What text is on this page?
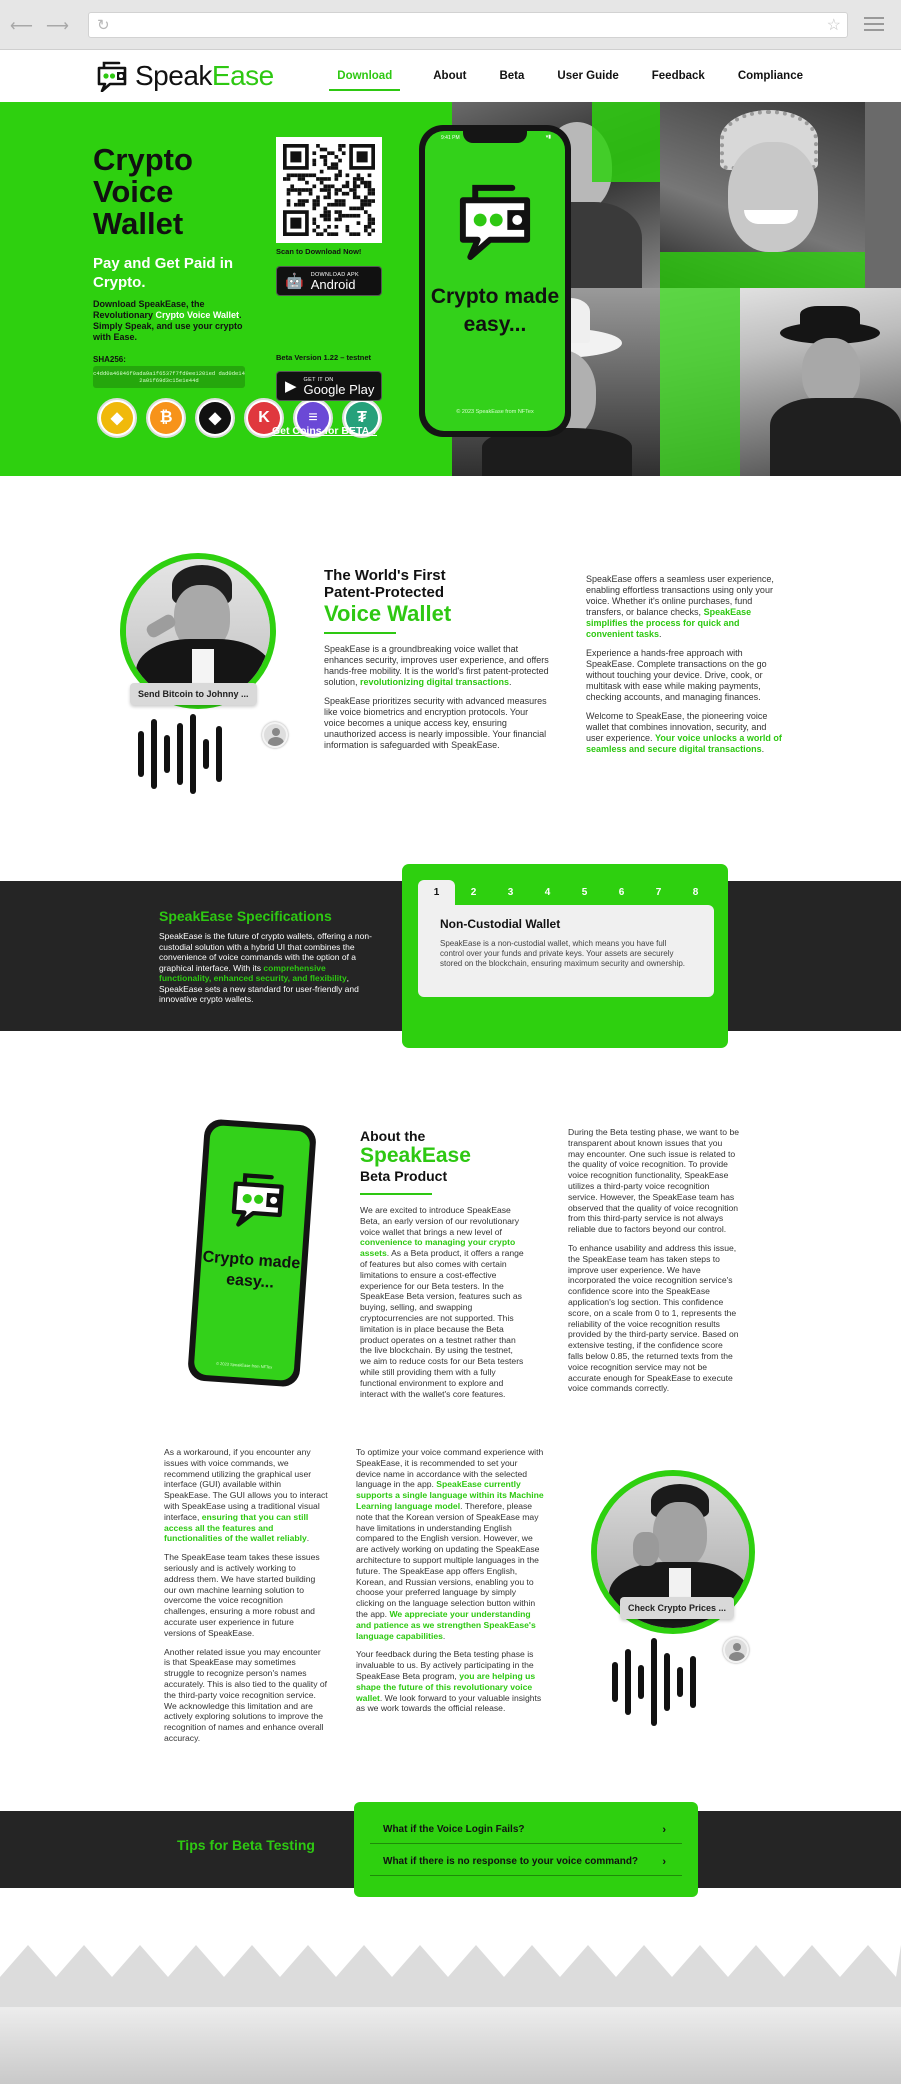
⟵ ⟶ ↻	☆
SpeakEase	Download	About	Beta	User Guide	Feedback	Compliance
Crypto Voice Wallet
Pay and Get Paid in Crypto.
Download SpeakEase, the Revolutionary Crypto Voice Wallet. Simply Speak, and use your crypto with Ease.
SHA256:
c4dd0a46846f0ada9a1f6537f7fd9ee1201ed dad0de142a01f69d3c15e1e44d
◆	₿	◆	K	≡	₮
Scan to Download Now!
🤖 DOWNLOAD APK
Android
Beta Version 1.22 – testnet
▶ GET IT ON
Google Play
Get Coins for BETA ↓
9:41 PM	▾▮
Crypto made easy...
© 2023 SpeakEase from NFTex
Send Bitcoin to Johnny ...
The World's First
Patent-Protected
Voice Wallet

SpeakEase is a groundbreaking voice wallet that enhances security, improves user experience, and offers hands-free mobility. It is the world's first patent-protected solution, revolutionizing digital transactions.

SpeakEase prioritizes security with advanced measures like voice biometrics and encryption protocols. Your voice becomes a unique access key, ensuring unauthorized access is nearly impossible. Your financial information is safeguarded with SpeakEase.

SpeakEase offers a seamless user experience, enabling effortless transactions using only your voice. Whether it's online purchases, fund transfers, or balance checks, SpeakEase simplifies the process for quick and convenient tasks.

Experience a hands-free approach with SpeakEase. Complete transactions on the go without touching your device. Drive, cook, or multitask with ease while making payments, checking accounts, and managing finances.

Welcome to SpeakEase, the pioneering voice wallet that combines innovation, security, and user experience. Your voice unlocks a world of seamless and secure digital transactions.

SpeakEase Specifications
SpeakEase is the future of crypto wallets, offering a non-custodial solution with a hybrid UI that combines the convenience of voice commands with the option of a graphical interface. With its comprehensive functionality, enhanced security, and flexibility, SpeakEase sets a new standard for user-friendly and innovative crypto wallets.
1	2	3	4	5	6	7	8
Non-Custodial Wallet

SpeakEase is a non-custodial wallet, which means you have full control over your funds and private keys. Your assets are securely stored on the blockchain, ensuring maximum security and ownership.

Crypto made easy...
© 2023 SpeakEase from NFTex
About the
SpeakEase
Beta Product

We are excited to introduce SpeakEase Beta, an early version of our revolutionary voice wallet that brings a new level of convenience to managing your crypto assets. As a Beta product, it offers a range of features but also comes with certain limitations to ensure a cost-effective experience for our Beta testers. In the SpeakEase Beta version, features such as buying, selling, and swapping cryptocurrencies are not supported. This limitation is in place because the Beta product operates on a testnet rather than the live blockchain. By using the testnet, we aim to reduce costs for our Beta testers while still providing them with a fully functional environment to explore and interact with the wallet's core features.

During the Beta testing phase, we want to be transparent about known issues that you may encounter. One such issue is related to the quality of voice recognition. To provide voice recognition functionality, SpeakEase utilizes a third-party voice recognition service. However, the SpeakEase team has observed that the quality of voice recognition from this third-party service is not always reliable due to factors beyond our control.

To enhance usability and address this issue, the SpeakEase team has taken steps to improve user experience. We have incorporated the voice recognition service's confidence score into the SpeakEase application's log section. This confidence score, on a scale from 0 to 1, represents the reliability of the voice recognition results provided by the third-party service. Based on extensive testing, if the confidence score falls below 0.85, the returned texts from the voice recognition service may not be accurate enough for SpeakEase to execute voice commands correctly.

As a workaround, if you encounter any issues with voice commands, we recommend utilizing the graphical user interface (GUI) available within SpeakEase. The GUI allows you to interact with SpeakEase using a traditional visual interface, ensuring that you can still access all the features and functionalities of the wallet reliably.

The SpeakEase team takes these issues seriously and is actively working to address them. We have started building our own machine learning solution to overcome the voice recognition challenges, ensuring a more robust and accurate user experience in future versions of SpeakEase.

Another related issue you may encounter is that SpeakEase may sometimes struggle to recognize person's names accurately. This is also tied to the quality of the third-party voice recognition service. We acknowledge this limitation and are actively exploring solutions to improve the recognition of names and enhance overall accuracy.

To optimize your voice command experience with SpeakEase, it is recommended to set your device name in accordance with the selected language in the app. SpeakEase currently supports a single language within its Machine Learning language model. Therefore, please note that the Korean version of SpeakEase may have limitations in understanding English compared to the English version. However, we are actively working on updating the SpeakEase architecture to support multiple languages in the future. The SpeakEase app offers English, Korean, and Russian versions, enabling you to choose your preferred language by simply clicking on the language selection button within the app. We appreciate your understanding and patience as we strengthen SpeakEase's language capabilities.

Your feedback during the Beta testing phase is invaluable to us. By actively participating in the SpeakEase Beta program, you are helping us shape the future of this revolutionary voice wallet. We look forward to your valuable insights as we work towards the official release.

Check Crypto Prices ...
Tips for Beta Testing
What if the Voice Login Fails?	›
What if there is no response to your voice command? ›
